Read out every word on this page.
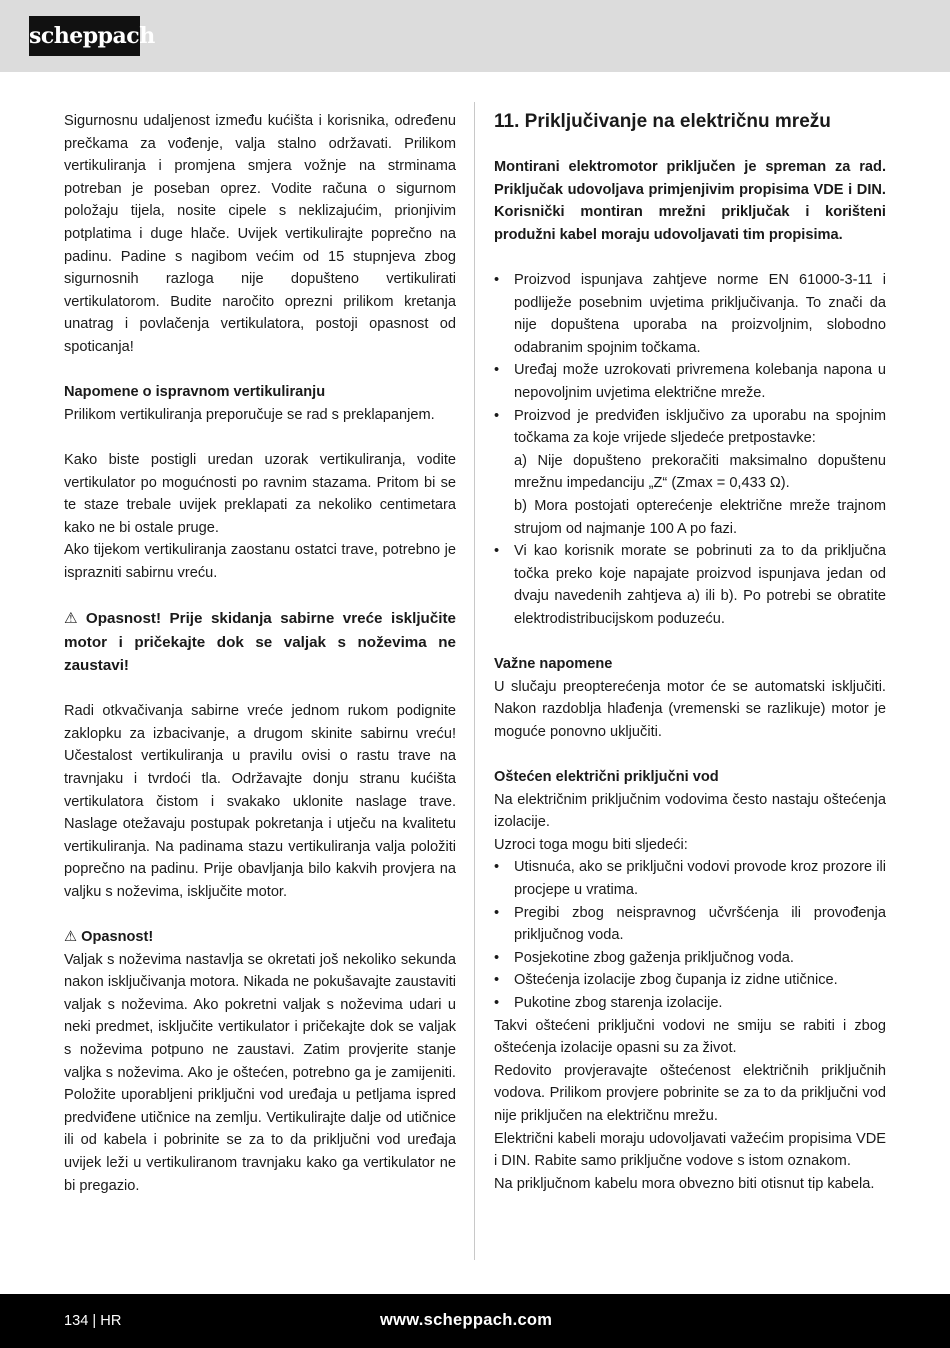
scheppach

Sigurnosnu udaljenost između kućišta i korisnika, određenu prečkama za vođenje, valja stalno održavati. Prilikom vertikuliranja i promjena smjera vožnje na strminama potreban je poseban oprez. Vodite računa o sigurnom položaju tijela, nosite cipele s neklizajućim, prionjivim potplatima i duge hlače. Uvijek vertikulirajte poprečno na padinu. Padine s nagibom većim od 15 stupnjeva zbog sigurnosnih razloga nije dopušteno vertikulirati vertikulatorom. Budite naročito oprezni prilikom kretanja unatrag i povlačenja vertikulatora, postoji opasnost od spoticanja!

Napomene o ispravnom vertikuliranju

Prilikom vertikuliranja preporučuje se rad s preklapanjem.

Kako biste postigli uredan uzorak vertikuliranja, vodite vertikulator po mogućnosti po ravnim stazama. Pritom bi se te staze trebale uvijek preklapati za nekoliko centimetara kako ne bi ostale pruge.

Ako tijekom vertikuliranja zaostanu ostatci trave, potrebno je isprazniti sabirnu vreću.

⚠ Opasnost! Prije skidanja sabirne vreće isključite motor i pričekajte dok se valjak s noževima ne zaustavi!

Radi otkvačivanja sabirne vreće jednom rukom podignite zaklopku za izbacivanje, a drugom skinite sabirnu vreću! Učestalost vertikuliranja u pravilu ovisi o rastu trave na travnjaku i tvrdoći tla. Održavajte donju stranu kućišta vertikulatora čistom i svakako uklonite naslage trave. Naslage otežavaju postupak pokretanja i utječu na kvalitetu vertikuliranja. Na padinama stazu vertikuliranja valja položiti poprečno na padinu. Prije obavljanja bilo kakvih provjera na valjku s noževima, isključite motor.

⚠ Opasnost!

Valjak s noževima nastavlja se okretati još nekoliko sekunda nakon isključivanja motora. Nikada ne pokušavajte zaustaviti valjak s noževima. Ako pokretni valjak s noževima udari u neki predmet, isključite vertikulator i pričekajte dok se valjak s noževima potpuno ne zaustavi. Zatim provjerite stanje valjka s noževima. Ako je oštećen, potrebno ga je zamijeniti. Položite uporabljeni priključni vod uređaja u petljama ispred predviđene utičnice na zemlju. Vertikulirajte dalje od utičnice ili od kabela i pobrinite se za to da priključni vod uređaja uvijek leži u vertikuliranom travnjaku kako ga vertikulator ne bi pregazio.

11. Priključivanje na električnu mrežu

Montirani elektromotor priključen je spreman za rad. Priključak udovoljava primjenjivim propisima VDE i DIN. Korisnički montiran mrežni priključak i korišteni produžni kabel moraju udovoljavati tim propisima.

• Proizvod ispunjava zahtjeve norme EN 61000-3-11 i podliježe posebnim uvjetima priključivanja. To znači da nije dopuštena uporaba na proizvoljnim, slobodno odabranim spojnim točkama.
• Uređaj može uzrokovati privremena kolebanja napona u nepovoljnim uvjetima električne mreže.
• Proizvod je predviđen isključivo za uporabu na spojnim točkama za koje vrijede sljedeće pretpostavke:
a) Nije dopušteno prekoračiti maksimalno dopuštenu mrežnu impedanciju „Z“ (Zmax = 0,433 Ω).
b) Mora postojati opterećenje električne mreže trajnom strujom od najmanje 100 A po fazi.
• Vi kao korisnik morate se pobrinuti za to da priključna točka preko koje napajate proizvod ispunjava jedan od dvaju navedenih zahtjeva a) ili b). Po potrebi se obratite elektrodistribucijskom poduzeću.

Važne napomene

U slučaju preopterećenja motor će se automatski isključiti. Nakon razdoblja hlađenja (vremenski se razlikuje) motor je moguće ponovno uključiti.

Oštećen električni priključni vod

Na električnim priključnim vodovima često nastaju oštećenja izolacije.

Uzroci toga mogu biti sljedeći:

• Utisnuća, ako se priključni vodovi provode kroz prozore ili procjepe u vratima.
• Pregibi zbog neispravnog učvršćenja ili provođenja priključnog voda.
• Posjekotine zbog gaženja priključnog voda.
• Oštećenja izolacije zbog čupanja iz zidne utičnice.
• Pukotine zbog starenja izolacije.

Takvi oštećeni priključni vodovi ne smiju se rabiti i zbog oštećenja izolacije opasni su za život.

Redovito provjeravajte oštećenost električnih priključnih vodova. Prilikom provjere pobrinite se za to da priključni vod nije priključen na električnu mrežu.

Električni kabeli moraju udovoljavati važećim propisima VDE i DIN. Rabite samo priključne vodove s istom oznakom.

Na priključnom kabelu mora obvezno biti otisnut tip kabela.

134 | HR	www.scheppach.com
